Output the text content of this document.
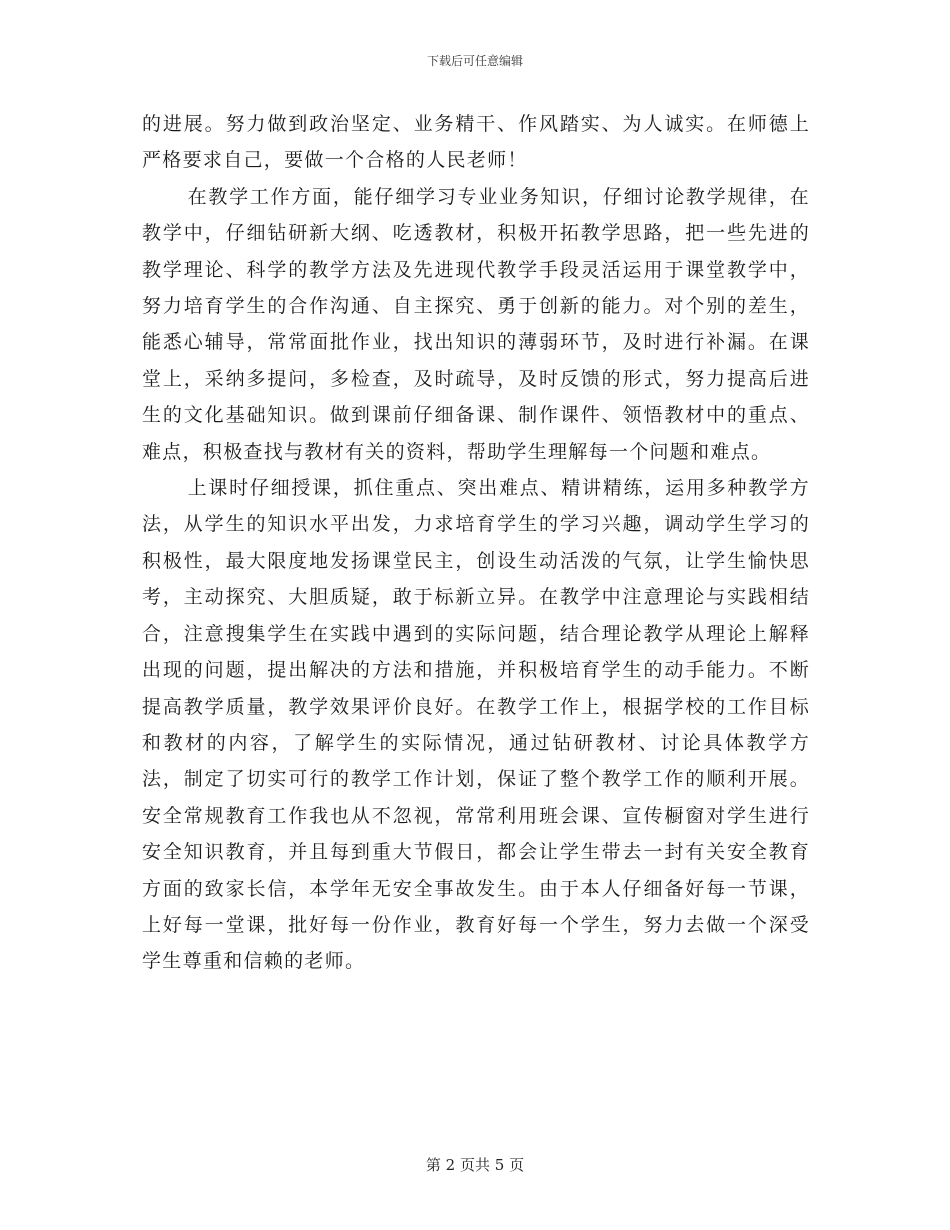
下载后可任意编辑

的进展。努力做到政治坚定、业务精干、作风踏实、为人诚实。在师德上严格要求自己，要做一个合格的人民老师！

在教学工作方面，能仔细学习专业业务知识，仔细讨论教学规律，在教学中，仔细钻研新大纲、吃透教材，积极开拓教学思路，把一些先进的教学理论、科学的教学方法及先进现代教学手段灵活运用于课堂教学中，努力培育学生的合作沟通、自主探究、勇于创新的能力。对个别的差生，能悉心辅导，常常面批作业，找出知识的薄弱环节，及时进行补漏。在课堂上，采纳多提问，多检查，及时疏导，及时反馈的形式，努力提高后进生的文化基础知识。做到课前仔细备课、制作课件、领悟教材中的重点、难点，积极查找与教材有关的资料，帮助学生理解每一个问题和难点。

上课时仔细授课，抓住重点、突出难点、精讲精练，运用多种教学方法，从学生的知识水平出发，力求培育学生的学习兴趣，调动学生学习的积极性，最大限度地发扬课堂民主，创设生动活泼的气氛，让学生愉快思考，主动探究、大胆质疑，敢于标新立异。在教学中注意理论与实践相结合，注意搜集学生在实践中遇到的实际问题，结合理论教学从理论上解释出现的问题，提出解决的方法和措施，并积极培育学生的动手能力。不断提高教学质量，教学效果评价良好。在教学工作上，根据学校的工作目标和教材的内容，了解学生的实际情况，通过钻研教材、讨论具体教学方法，制定了切实可行的教学工作计划，保证了整个教学工作的顺利开展。安全常规教育工作我也从不忽视，常常利用班会课、宣传橱窗对学生进行安全知识教育，并且每到重大节假日，都会让学生带去一封有关安全教育方面的致家长信，本学年无安全事故发生。由于本人仔细备好每一节课，上好每一堂课，批好每一份作业，教育好每一个学生，努力去做一个深受学生尊重和信赖的老师。

第 2 页共 5 页
